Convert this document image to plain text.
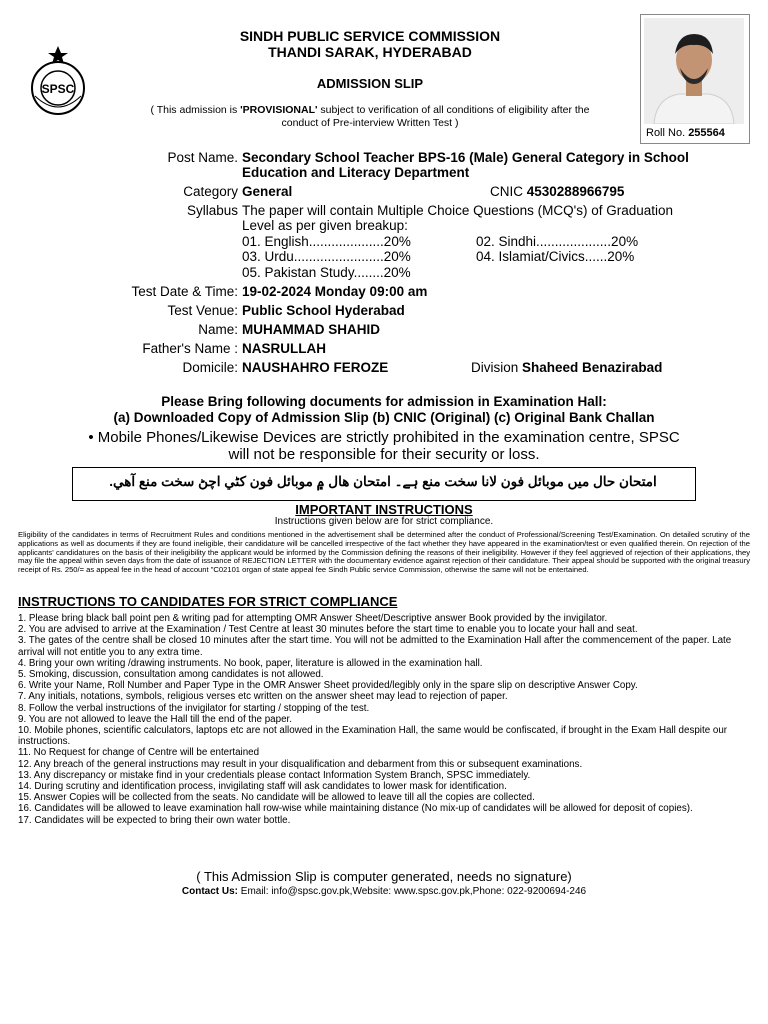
SPSC
SINDH PUBLIC SERVICE COMMISSION
THANDI SARAK, HYDERABAD
ADMISSION SLIP
( This admission is 'PROVISIONAL' subject to verification of all conditions of eligibility after the
conduct of Pre-interview Written Test )
Roll No. 255564
Post Name. Secondary School Teacher BPS-16 (Male) General Category in School
Education and Literacy Department
Category General	CNIC 4530288966795
Syllabus The paper will contain Multiple Choice Questions (MCQ's) of Graduation
Level as per given breakup:
01. English....................20%	02. Sindhi....................20%
03. Urdu........................20%	04. Islamiat/Civics......20%
05. Pakistan Study........20%
Test Date & Time: 19-02-2024 Monday 09:00 am
Test Venue: Public School Hyderabad
Name: MUHAMMAD SHAHID
Father's Name : NASRULLAH
Domicile: NAUSHAHRO FEROZE	Division Shaheed Benazirabad
Please Bring following documents for admission in Examination Hall:
(a) Downloaded Copy of Admission Slip (b) CNIC (Original) (c) Original Bank Challan
• Mobile Phones/Likewise Devices are strictly prohibited in the examination centre, SPSC
will not be responsible for their security or loss.
امتحان حال ميں موبائل فون لانا سخت منع ہے۔ امتحان هال ۾ موبائل فون کڻي اچڻ سخت منع آهي.
IMPORTANT INSTRUCTIONS
Instructions given below are for strict compliance.
Eligibility of the candidates in terms of Recruitment Rules and conditions mentioned in the advertisement shall be determined after the conduct of Professional/Screening Test/Examination. On detailed scrutiny of the applications as well as documents if they are found ineligible, their candidature will be cancelled irrespective of the fact whether they have appeared in the examination/test or even qualified therein. On rejection of the applicants' candidatures on the basis of their ineligibility the applicant would be informed by the Commission defining the reasons of their ineligibility. However if they feel aggrieved of rejection of their applications, they may file the appeal within seven days from the date of issuance of REJECTION LETTER with the documentary evidence against rejection of their candidature. Their appeal should be supported with the original treasury receipt of Rs. 250/= as appeal fee in the head of account "C02101 organ of state appeal fee Sindh Public service Commission, otherwise the same will not be entertained.
INSTRUCTIONS TO CANDIDATES FOR STRICT COMPLIANCE
1. Please bring black ball point pen & writing pad for attempting OMR Answer Sheet/Descriptive answer Book provided by the invigilator.
2. You are advised to arrive at the Examination / Test Centre at least 30 minutes before the start time to enable you to locate your hall and seat.
3. The gates of the centre shall be closed 10 minutes after the start time. You will not be admitted to the Examination Hall after the commencement of the paper. Late arrival will not entitle you to any extra time.
4. Bring your own writing /drawing instruments. No book, paper, literature is allowed in the examination hall.
5. Smoking, discussion, consultation among candidates is not allowed.
6. Write your Name, Roll Number and Paper Type in the OMR Answer Sheet provided/legibly only in the spare slip on descriptive Answer Copy.
7. Any initials, notations, symbols, religious verses etc written on the answer sheet may lead to rejection of paper.
8. Follow the verbal instructions of the invigilator for starting / stopping of the test.
9. You are not allowed to leave the Hall till the end of the paper.
10. Mobile phones, scientific calculators, laptops etc are not allowed in the Examination Hall, the same would be confiscated, if brought in the Exam Hall despite our instructions.
11. No Request for change of Centre will be entertained
12. Any breach of the general instructions may result in your disqualification and debarment from this or subsequent examinations.
13. Any discrepancy or mistake find in your credentials please contact Information System Branch, SPSC immediately.
14. During scrutiny and identification process, invigilating staff will ask candidates to lower mask for identification.
15. Answer Copies will be collected from the seats. No candidate will be allowed to leave till all the copies are collected.
16. Candidates will be allowed to leave examination hall row-wise while maintaining distance (No mix-up of candidates will be allowed for deposit of copies).
17. Candidates will be expected to bring their own water bottle.
( This Admission Slip is computer generated, needs no signature)
Contact Us: Email: info@spsc.gov.pk,Website: www.spsc.gov.pk,Phone: 022-9200694-246
